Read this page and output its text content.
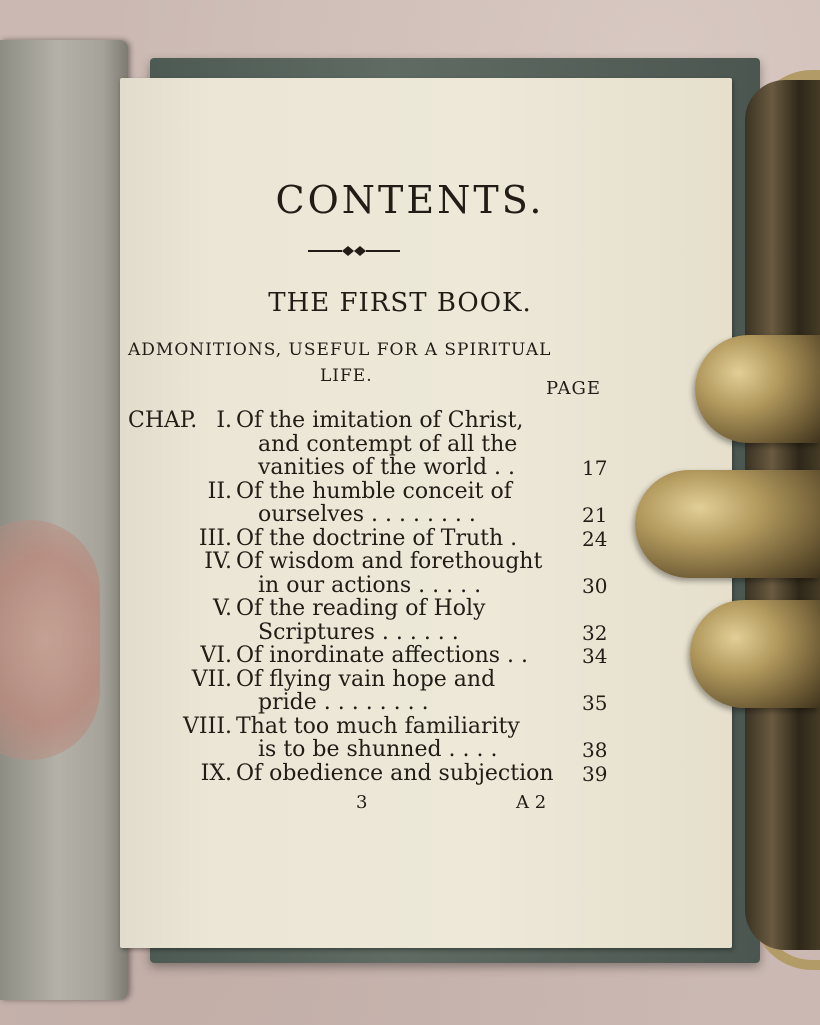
CONTENTS.
THE FIRST BOOK.
ADMONITIONS, USEFUL FOR A SPIRITUAL
LIFE.
PAGE
CHAP. I. Of the imitation of Christ,
and contempt of all the
vanities of the world . .	17
II. Of the humble conceit of
ourselves . . . . . . . .	21
III. Of the doctrine of Truth .	24
IV. Of wisdom and forethought
in our actions . . . . .	30
V. Of the reading of Holy
Scriptures . . . . . .	32
VI. Of inordinate affections . .	34
VII. Of flying vain hope and
pride . . . . . . . .	35
VIII. That too much familiarity
is to be shunned . . . .	38
IX. Of obedience and subjection 39
3	A 2
